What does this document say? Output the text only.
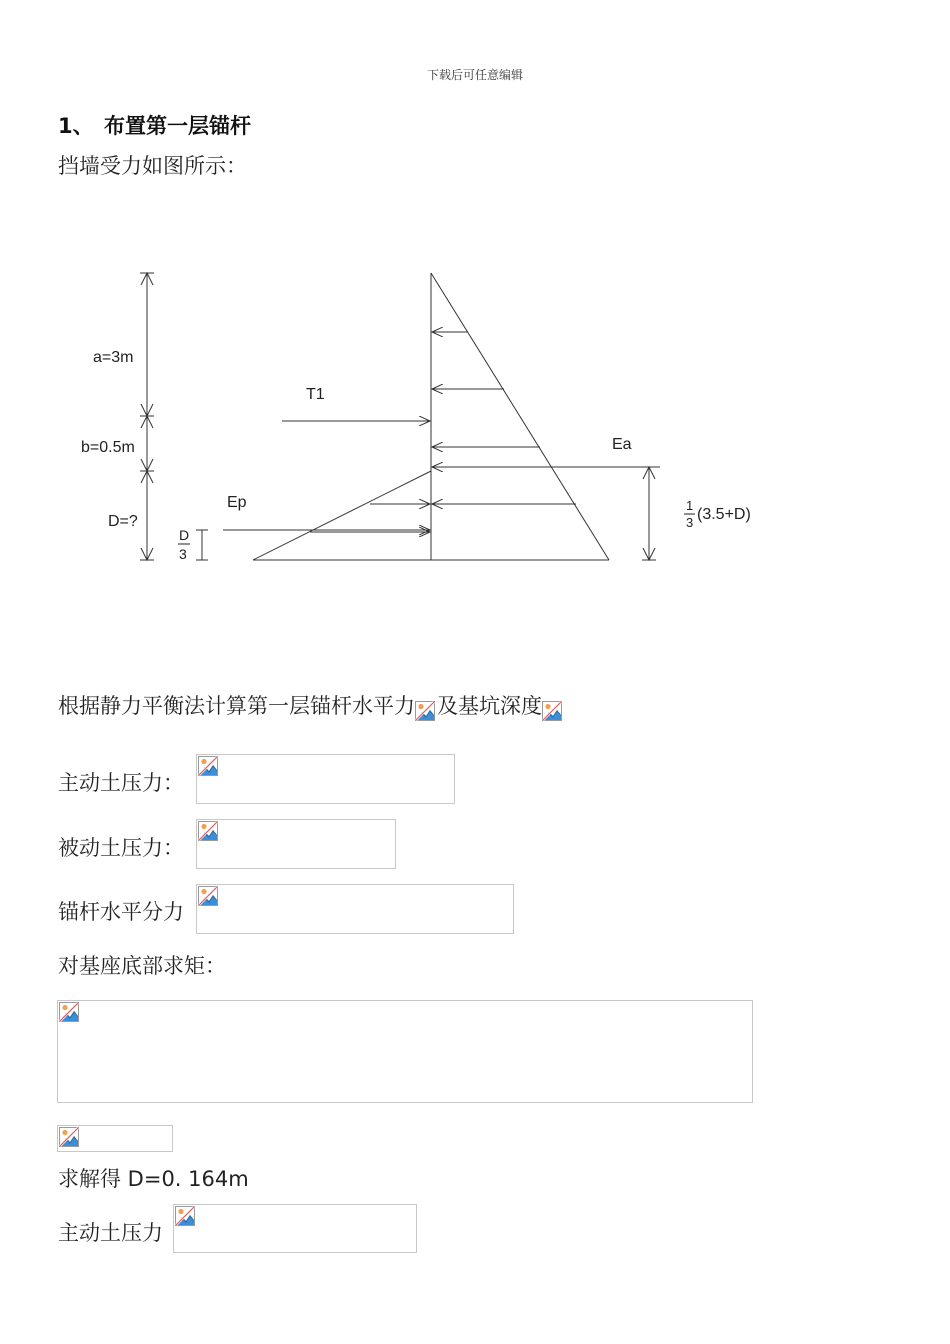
下载后可任意编辑
1、 布置第一层锚杆
挡墙受力如图所示：
a=3m
b=0.5m
D=?
T1
Ep
Ea
D
3
1
3 (3.5+D)
根据静力平衡法计算第一层锚杆水平力 及基坑深度
主动土压力：
被动土压力：
锚杆水平分力
对基座底部求矩：
求解得 D=0. 164m
主动土压力
